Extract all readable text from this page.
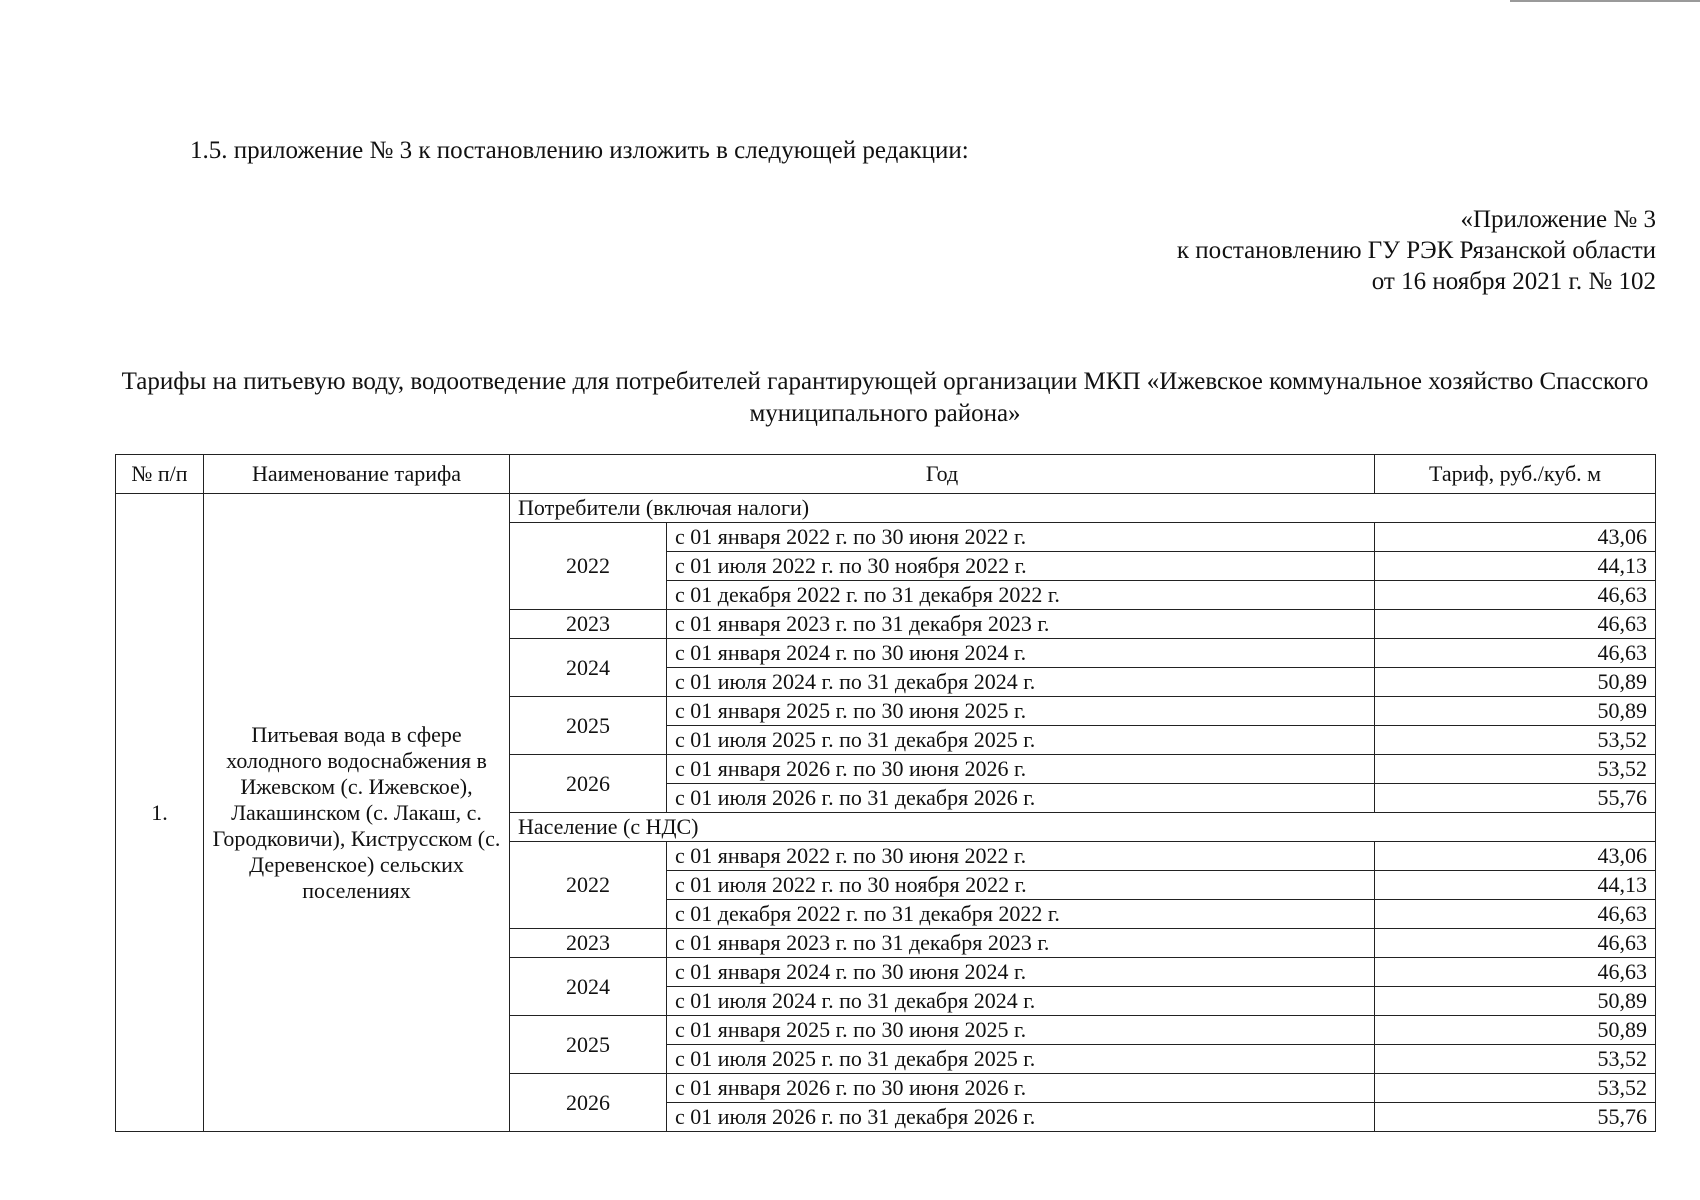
1.5. приложение № 3 к постановлению изложить в следующей редакции:
«Приложение № 3
к постановлению ГУ РЭК Рязанской области
от 16 ноября 2021 г. № 102
Тарифы на питьевую воду, водоотведение для потребителей гарантирующей организации МКП «Ижевское коммунальное хозяйство Спасского муниципального района»
№ п/п	Наименование тарифа	Год		Тариф, руб./куб. м
1.	Питьевая вода в сфере холодного водоснабжения в Ижевском (с. Ижевское), Лакашинском (с. Лакаш, с. Городковичи), Киструсском (с. Деревенское) сельских поселениях	Потребители (включая налоги)		
		2022	с 01 января 2022 г. по 30 июня 2022 г.	43,06
			с 01 июля 2022 г. по 30 ноября 2022 г.	44,13
			с 01 декабря 2022 г. по 31 декабря 2022 г.	46,63
		2023	с 01 января 2023 г. по 31 декабря 2023 г.	46,63
		2024	с 01 января 2024 г. по 30 июня 2024 г.	46,63
			с 01 июля 2024 г. по 31 декабря 2024 г.	50,89
		2025	с 01 января 2025 г. по 30 июня 2025 г.	50,89
			с 01 июля 2025 г. по 31 декабря 2025 г.	53,52
		2026	с 01 января 2026 г. по 30 июня 2026 г.	53,52
			с 01 июля 2026 г. по 31 декабря 2026 г.	55,76
		Население (с НДС)		
		2022	с 01 января 2022 г. по 30 июня 2022 г.	43,06
			с 01 июля 2022 г. по 30 ноября 2022 г.	44,13
			с 01 декабря 2022 г. по 31 декабря 2022 г.	46,63
		2023	с 01 января 2023 г. по 31 декабря 2023 г.	46,63
		2024	с 01 января 2024 г. по 30 июня 2024 г.	46,63
			с 01 июля 2024 г. по 31 декабря 2024 г.	50,89
		2025	с 01 января 2025 г. по 30 июня 2025 г.	50,89
			с 01 июля 2025 г. по 31 декабря 2025 г.	53,52
		2026	с 01 января 2026 г. по 30 июня 2026 г.	53,52
			с 01 июля 2026 г. по 31 декабря 2026 г.	55,76
